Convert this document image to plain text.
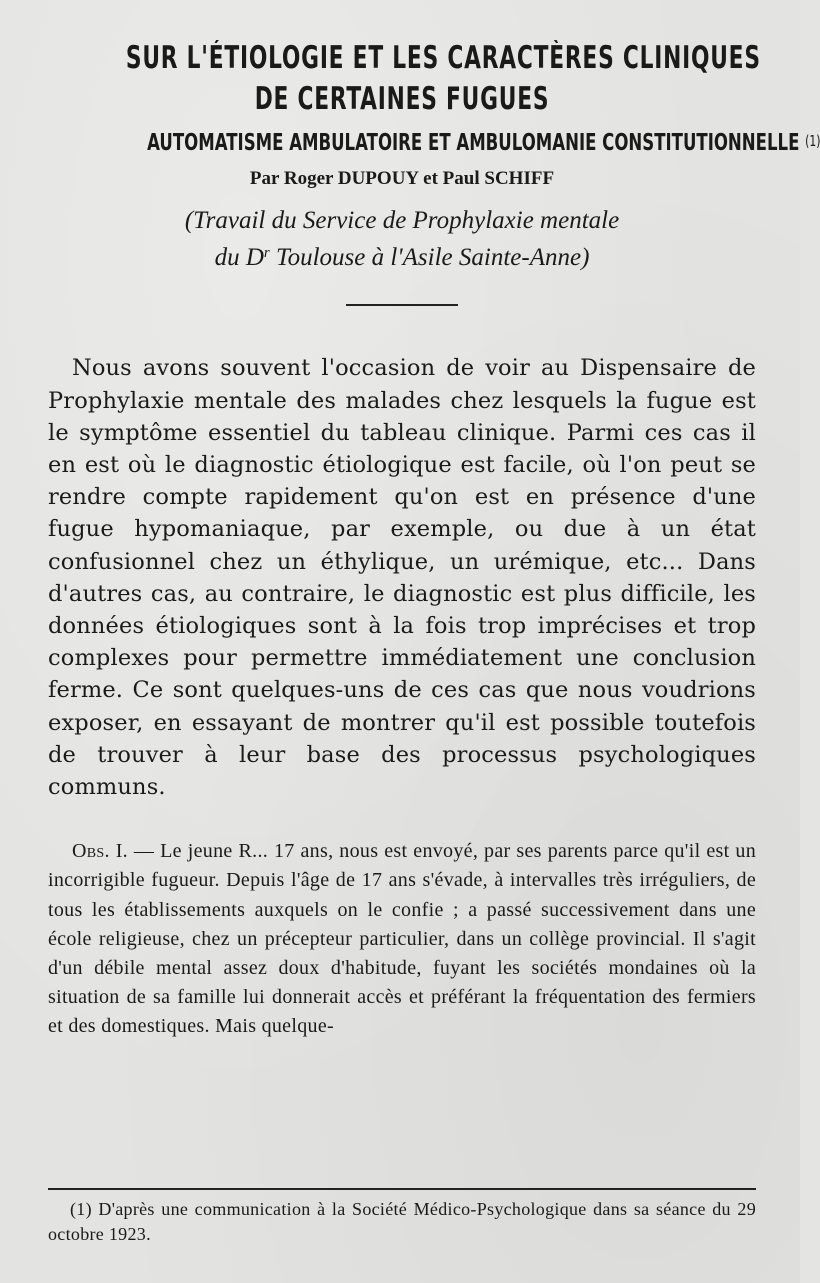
SUR L'ÉTIOLOGIE ET LES CARACTÈRES CLINIQUES
DE CERTAINES FUGUES
AUTOMATISME AMBULATOIRE ET AMBULOMANIE CONSTITUTIONNELLE $^{(1)}$
Par Roger DUPOUY et Paul SCHIFF
(Travail du Service de Prophylaxie mentale
du $D^r$ Toulouse à l'Asile Sainte-Anne)

Nous avons souvent l'occasion de voir au Dispensaire de Prophylaxie mentale des malades chez lesquels la fugue est le symptôme essentiel du tableau clinique. Parmi ces cas il en est où le diagnostic étiologique est facile, où l'on peut se rendre compte rapidement qu'on est en présence d'une fugue hypomaniaque, par exemple, ou due à un état confusionnel chez un éthylique, un urémique, etc... Dans d'autres cas, au contraire, le diagnostic est plus difficile, les données étiologiques sont à la fois trop imprécises et trop complexes pour permettre immédiatement une conclusion ferme. Ce sont quelques-uns de ces cas que nous voudrions exposer, en essayant de montrer qu'il est possible toutefois de trouver à leur base des processus psychologiques communs.

Obs. I. — Le jeune R... 17 ans, nous est envoyé, par ses parents parce qu'il est un incorrigible fugueur. Depuis l'âge de 17 ans s'évade, à intervalles très irréguliers, de tous les établissements auxquels on le confie ; a passé successivement dans une école religieuse, chez un précepteur particulier, dans un collège provincial. Il s'agit d'un débile mental assez doux d'habitude, fuyant les sociétés mondaines où la situation de sa famille lui donnerait accès et préférant la fréquentation des fermiers et des domestiques. Mais quelque-

(1) D'après une communication à la Société Médico-Psychologique dans sa séance du 29 octobre 1923.
